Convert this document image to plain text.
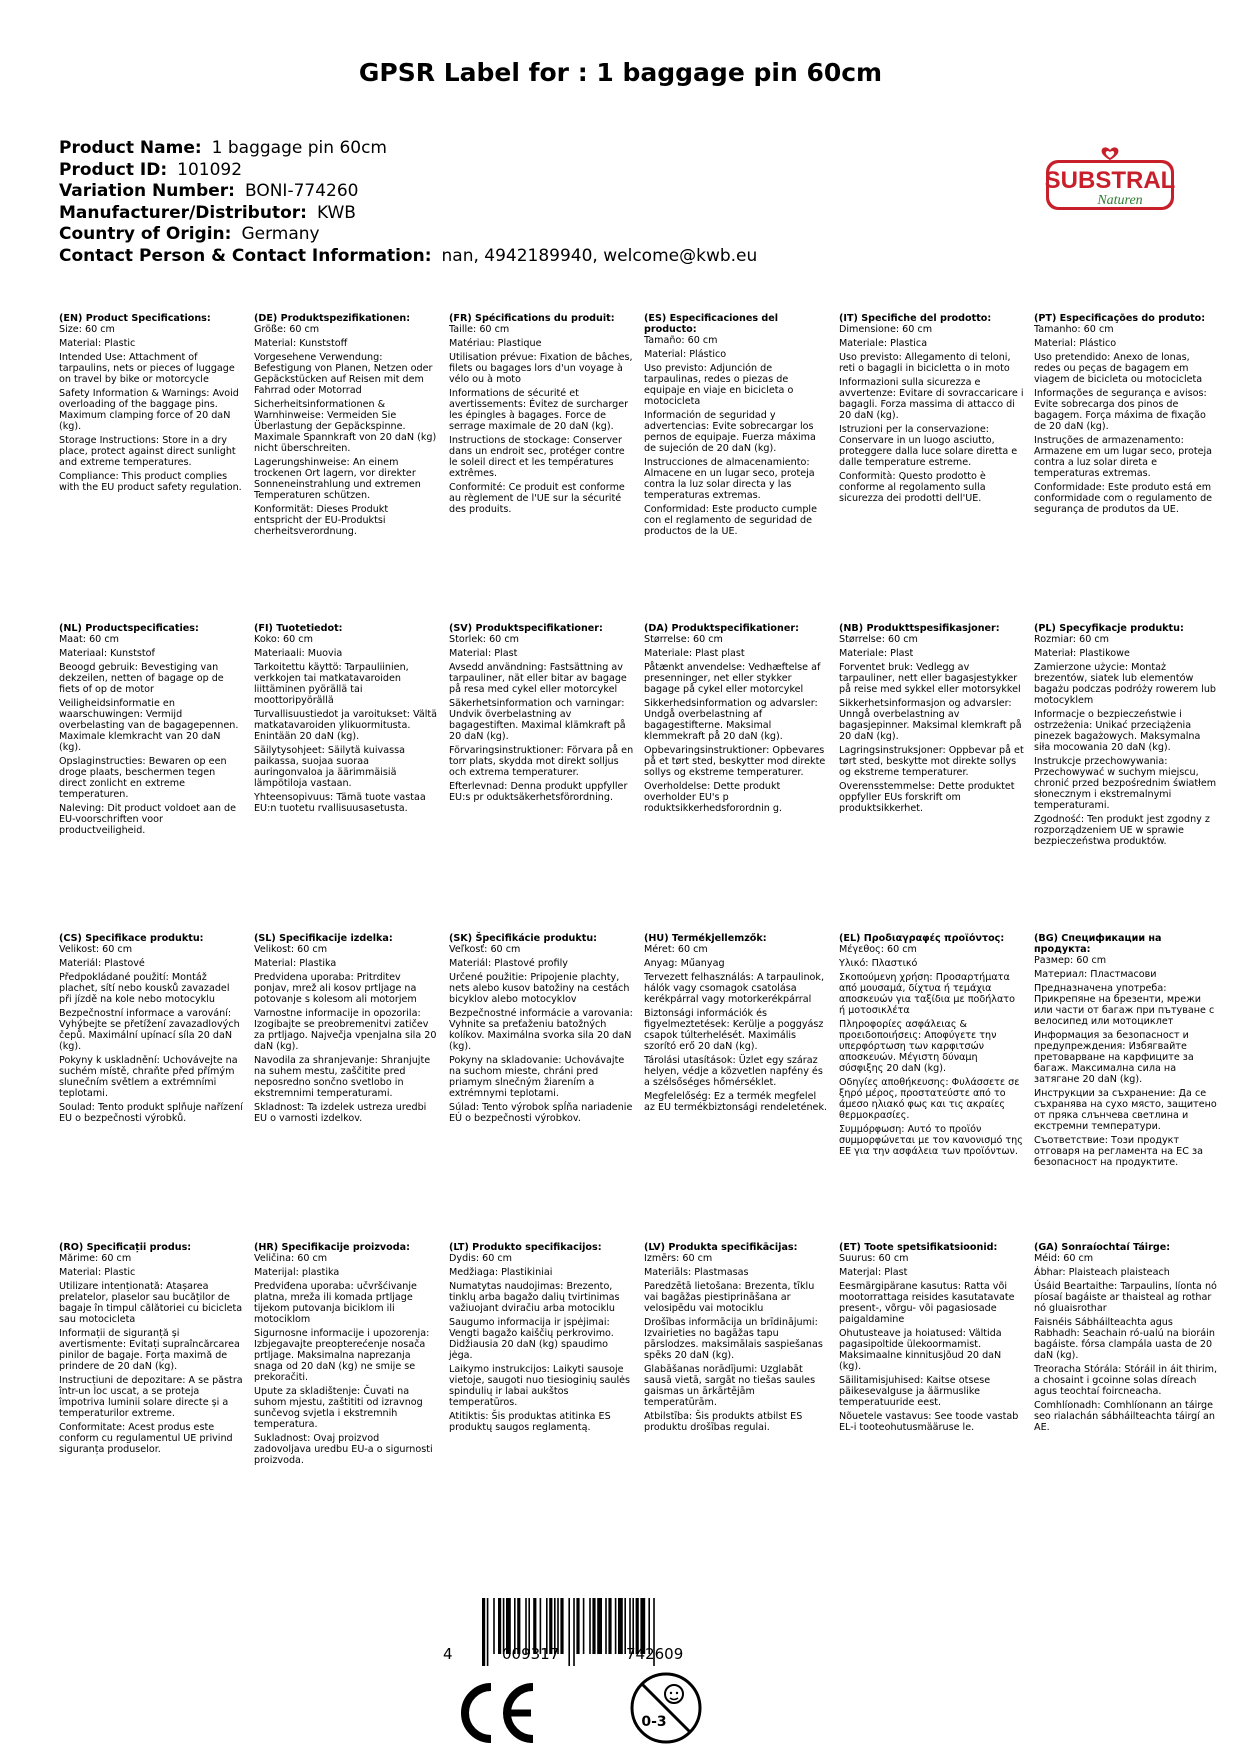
GPSR Label for : 1 baggage pin 60cm
Product Name: 1 baggage pin 60cm
Product ID: 101092
Variation Number: BONI-774260
Manufacturer/Distributor: KWB
Country of Origin: Germany
Contact Person & Contact Information: nan, 4942189940, welcome@kwb.eu
SUBSTRAL
Naturen

(EN) Product Specifications:

Size: 60 cm

Material: Plastic

Intended Use: Attachment of tarpaulins, nets or pieces of luggage on travel by bike or motorcycle

Safety Information & Warnings: Avoid overloading of the baggage pins. Maximum clamping force of 20 daN (kg).

Storage Instructions: Store in a dry place, protect against direct sunlight and extreme temperatures.

Compliance: This product complies with the EU product safety regulation.

(DE) Produktspezifikationen:

Größe: 60 cm

Material: Kunststoff

Vorgesehene Verwendung: Befestigung von Planen, Netzen oder Gepäckstücken auf Reisen mit dem Fahrrad oder Motorrad

Sicherheitsinformationen & Warnhinweise: Vermeiden Sie Überlastung der Gepäckspinne. Maximale Spannkraft von 20 daN (kg) nicht überschreiten.

Lagerungshinweise: An einem trockenen Ort lagern, vor direkter Sonneneinstrahlung und extremen Temperaturen schützen.

Konformität: Dieses Produkt entspricht der EU-Produktsi cherheitsverordnung.

(FR) Spécifications du produit:

Taille: 60 cm

Matériau: Plastique

Utilisation prévue: Fixation de bâches, filets ou bagages lors d'un voyage à vélo ou à moto

Informations de sécurité et avertissements: Évitez de surcharger les épingles à bagages. Force de serrage maximale de 20 daN (kg).

Instructions de stockage: Conserver dans un endroit sec, protéger contre le soleil direct et les températures extrêmes.

Conformité: Ce produit est conforme au règlement de l'UE sur la sécurité des produits.

(ES) Especificaciones del producto:

Tamaño: 60 cm

Material: Plástico

Uso previsto: Adjunción de tarpaulinas, redes o piezas de equipaje en viaje en bicicleta o motocicleta

Información de seguridad y advertencias: Evite sobrecargar los pernos de equipaje. Fuerza máxima de sujeción de 20 daN (kg).

Instrucciones de almacenamiento: Almacene en un lugar seco, proteja contra la luz solar directa y las temperaturas extremas.

Conformidad: Este producto cumple con el reglamento de seguridad de productos de la UE.

(IT) Specifiche del prodotto:

Dimensione: 60 cm

Materiale: Plastica

Uso previsto: Allegamento di teloni, reti o bagagli in bicicletta o in moto

Informazioni sulla sicurezza e avvertenze: Evitare di sovraccaricare i bagagli. Forza massima di attacco di 20 daN (kg).

Istruzioni per la conservazione: Conservare in un luogo asciutto, proteggere dalla luce solare diretta e dalle temperature estreme.

Conformità: Questo prodotto è conforme al regolamento sulla sicurezza dei prodotti dell'UE.

(PT) Especificações do produto:

Tamanho: 60 cm

Material: Plástico

Uso pretendido: Anexo de lonas, redes ou peças de bagagem em viagem de bicicleta ou motocicleta

Informações de segurança e avisos: Evite sobrecarga dos pinos de bagagem. Força máxima de fixação de 20 daN (kg).

Instruções de armazenamento: Armazene em um lugar seco, proteja contra a luz solar direta e temperaturas extremas.

Conformidade: Este produto está em conformidade com o regulamento de segurança de produtos da UE.

(NL) Productspecificaties:

Maat: 60 cm

Materiaal: Kunststof

Beoogd gebruik: Bevestiging van dekzeilen, netten of bagage op de fiets of op de motor

Veiligheidsinformatie en waarschuwingen: Vermijd overbelasting van de bagagepennen. Maximale klemkracht van 20 daN (kg).

Opslaginstructies: Bewaren op een droge plaats, beschermen tegen direct zonlicht en extreme temperaturen.

Naleving: Dit product voldoet aan de EU-voorschriften voor productveiligheid.

(FI) Tuotetiedot:

Koko: 60 cm

Materiaali: Muovia

Tarkoitettu käyttö: Tarpauliinien, verkkojen tai matkatavaroiden liittäminen pyörällä tai moottoripyörällä

Turvallisuustiedot ja varoitukset: Vältä matkatavaroiden ylikuormitusta. Enintään 20 daN (kg).

Säilytysohjeet: Säilytä kuivassa paikassa, suojaa suoraa auringonvaloa ja äärimmäisiä lämpötiloja vastaan.

Yhteensopivuus: Tämä tuote vastaa EU:n tuotetu rvallisuusasetusta.

(SV) Produktspecifikationer:

Storlek: 60 cm

Material: Plast

Avsedd användning: Fastsättning av tarpauliner, nät eller bitar av bagage på resa med cykel eller motorcykel

Säkerhetsinformation och varningar: Undvik överbelastning av bagagestiften. Maximal klämkraft på 20 daN (kg).

Förvaringsinstruktioner: Förvara på en torr plats, skydda mot direkt solljus och extrema temperaturer.

Efterlevnad: Denna produkt uppfyller EU:s pr oduktsäkerhetsförordning.

(DA) Produktspecifikationer:

Størrelse: 60 cm

Materiale: Plast plast

Påtænkt anvendelse: Vedhæftelse af presenninger, net eller stykker bagage på cykel eller motorcykel

Sikkerhedsinformation og advarsler: Undgå overbelastning af bagagestifterne. Maksimal klemmekraft på 20 daN (kg).

Opbevaringsinstruktioner: Opbevares på et tørt sted, beskytter mod direkte sollys og ekstreme temperaturer.

Overholdelse: Dette produkt overholder EU's p roduktsikkerhedsforordnin g.

(NB) Produkttspesifikasjoner:

Størrelse: 60 cm

Materiale: Plast

Forventet bruk: Vedlegg av tarpauliner, nett eller bagasjestykker på reise med sykkel eller motorsykkel

Sikkerhetsinformasjon og advarsler: Unngå overbelastning av bagasjepinner. Maksimal klemkraft på 20 daN (kg).

Lagringsinstruksjoner: Oppbevar på et tørt sted, beskytte mot direkte sollys og ekstreme temperaturer.

Overensstemmelse: Dette produktet oppfyller EUs forskrift om produktsikkerhet.

(PL) Specyfikacje produktu:

Rozmiar: 60 cm

Materiał: Plastikowe

Zamierzone użycie: Montaż brezentów, siatek lub elementów bagażu podczas podróży rowerem lub motocyklem

Informacje o bezpieczeństwie i ostrzeżenia: Unikać przeciążenia pinezek bagażowych. Maksymalna siła mocowania 20 daN (kg).

Instrukcje przechowywania: Przechowywać w suchym miejscu, chronić przed bezpośrednim światłem słonecznym i ekstremalnymi temperaturami.

Zgodność: Ten produkt jest zgodny z rozporządzeniem UE w sprawie bezpieczeństwa produktów.

(CS) Specifikace produktu:

Velikost: 60 cm

Materiál: Plastové

Předpokládané použití: Montáž plachet, sítí nebo kousků zavazadel při jízdě na kole nebo motocyklu

Bezpečnostní informace a varování: Vyhýbejte se přetížení zavazadlových čepů. Maximální upínací síla 20 daN (kg).

Pokyny k uskladnění: Uchovávejte na suchém místě, chraňte před přímým slunečním světlem a extrémními teplotami.

Soulad: Tento produkt splňuje nařízení EU o bezpečnosti výrobků.

(SL) Specifikacije izdelka:

Velikost: 60 cm

Material: Plastika

Predvidena uporaba: Pritrditev ponjav, mrež ali kosov prtljage na potovanje s kolesom ali motorjem

Varnostne informacije in opozorila: Izogibajte se preobremenitvi zatičev za prtljago. Največja vpenjalna sila 20 daN (kg).

Navodila za shranjevanje: Shranjujte na suhem mestu, zaščitite pred neposredno sončno svetlobo in ekstremnimi temperaturami.

Skladnost: Ta izdelek ustreza uredbi EU o varnosti izdelkov.

(SK) Špecifikácie produktu:

Veľkosť: 60 cm

Materiál: Plastové profily

Určené použitie: Pripojenie plachty, nets alebo kusov batožiny na cestách bicyklov alebo motocyklov

Bezpečnostné informácie a varovania: Vyhnite sa preťaženiu batožných kolíkov. Maximálna svorka sila 20 daN (kg).

Pokyny na skladovanie: Uchovávajte na suchom mieste, chráni pred priamym slnečným žiarením a extrémnymi teplotami.

Súlad: Tento výrobok spĺňa nariadenie EÚ o bezpečnosti výrobkov.

(HU) Termékjellemzők:

Méret: 60 cm

Anyag: Műanyag

Tervezett felhasználás: A tarpaulinok, hálók vagy csomagok csatolása kerékpárral vagy motorkerékpárral

Biztonsági információk és figyelmeztetések: Kerülje a poggyász csapok túlterhelését. Maximális szorító erő 20 daN (kg).

Tárolási utasítások: Üzlet egy száraz helyen, védje a közvetlen napfény és a szélsőséges hőmérséklet.

Megfelelőség: Ez a termék megfelel az EU termékbiztonsági rendeletének.

(EL) Προδιαγραφές προϊόντος:

Μέγεθος: 60 cm

Υλικό: Πλαστικό

Σκοπούμενη χρήση: Προσαρτήματα από μουσαμά, δίχτυα ή τεμάχια αποσκευών για ταξίδια με ποδήλατο ή μοτοσικλέτα

Πληροφορίες ασφάλειας & προειδοποιήσεις: Αποφύγετε την υπερφόρτωση των καρφιτσών αποσκευών. Μέγιστη δύναμη σύσφιξης 20 daN (kg).

Οδηγίες αποθήκευσης: Φυλάσσετε σε ξηρό μέρος, προστατεύστε από το άμεσο ηλιακό φως και τις ακραίες θερμοκρασίες.

Συμμόρφωση: Αυτό το προϊόν συμμορφώνεται με τον κανονισμό της ΕΕ για την ασφάλεια των προϊόντων.

(BG) Спецификации на продукта:

Размер: 60 cm

Материал: Пластмасови

Предназначена употреба: Прикрепяне на брезенти, мрежи или части от багаж при пътуване с велосипед или мотоциклет

Информация за безопасност и предупреждения: Избягвайте претоварване на карфиците за багаж. Максимална сила на затягане 20 daN (kg).

Инструкции за съхранение: Да се съхранява на сухо място, защитено от пряка слънчева светлина и екстремни температури.

Съответствие: Този продукт отговаря на регламента на ЕС за безопасност на продуктите.

(RO) Specificații produs:

Mărime: 60 cm

Material: Plastic

Utilizare intenționată: Atașarea prelatelor, plaselor sau bucăților de bagaje în timpul călătoriei cu bicicleta sau motocicleta

Informații de siguranță și avertismente: Evitați supraîncărcarea pinilor de bagaje. Forța maximă de prindere de 20 daN (kg).

Instrucțiuni de depozitare: A se păstra într-un loc uscat, a se proteja împotriva luminii solare directe și a temperaturilor extreme.

Conformitate: Acest produs este conform cu regulamentul UE privind siguranța produselor.

(HR) Specifikacije proizvoda:

Veličina: 60 cm

Materijal: plastika

Predviđena uporaba: učvršćivanje platna, mreža ili komada prtljage tijekom putovanja biciklom ili motociklom

Sigurnosne informacije i upozorenja: Izbjegavajte preopterećenje nosača prtljage. Maksimalna naprezanja snaga od 20 daN (kg) ne smije se prekoračiti.

Upute za skladištenje: Čuvati na suhom mjestu, zaštititi od izravnog sunčevog svjetla i ekstremnih temperatura.

Sukladnost: Ovaj proizvod zadovoljava uredbu EU-a o sigurnosti proizvoda.

(LT) Produkto specifikacijos:

Dydis: 60 cm

Medžiaga: Plastikiniai

Numatytas naudojimas: Brezento, tinklų arba bagažo dalių tvirtinimas važiuojant dviračiu arba motociklu

Saugumo informacija ir įspėjimai: Vengti bagažo kaiščių perkrovimo. Didžiausia 20 daN (kg) spaudimo jėga.

Laikymo instrukcijos: Laikyti sausoje vietoje, saugoti nuo tiesioginių saulės spindulių ir labai aukštos temperatūros.

Atitiktis: Šis produktas atitinka ES produktų saugos reglamentą.

(LV) Produkta specifikācijas:

Izmērs: 60 cm

Materiāls: Plastmasas

Paredzētā lietošana: Brezenta, tīklu vai bagāžas piestiprināšana ar velosipēdu vai motociklu

Drošības informācija un brīdinājumi: Izvairieties no bagāžas tapu pārslodzes. maksimālais saspiešanas spēks 20 daN (kg).

Glabāšanas norādījumi: Uzglabāt sausā vietā, sargāt no tiešas saules gaismas un ārkārtējām temperatūrām.

Atbilstība: Šis produkts atbilst ES produktu drošības regulai.

(ET) Toote spetsifikatsioonid:

Suurus: 60 cm

Materjal: Plast

Eesmärgipärane kasutus: Ratta või mootorrattaga reisides kasutatavate present-, võrgu- või pagasiosade paigaldamine

Ohutusteave ja hoiatused: Vältida pagasipoltide ülekoormamist. Maksimaalne kinnitusjõud 20 daN (kg).

Säilitamisjuhised: Kaitse otsese päikesevalguse ja äärmuslike temperatuuride eest.

Nõuetele vastavus: See toode vastab EL-i tooteohutusmääruse le.

(GA) Sonraíochtaí Táirge:

Méid: 60 cm

Ábhar: Plaisteach plaisteach

Úsáid Beartaithe: Tarpaulins, líonta nó píosaí bagáiste ar thaisteal ag rothar nó gluaisrothar

Faisnéis Sábháilteachta agus Rabhadh: Seachain ró-ualú na bioráin bagáiste. fórsa clampála uasta de 20 daN (kg).

Treoracha Stórála: Stóráil in áit thirim, a chosaint i gcoinne solas díreach agus teochtaí foircneacha.

Comhlíonadh: Comhlíonann an táirge seo rialachán sábháilteachta táirgí an AE.

4	009317	742609
0-3
